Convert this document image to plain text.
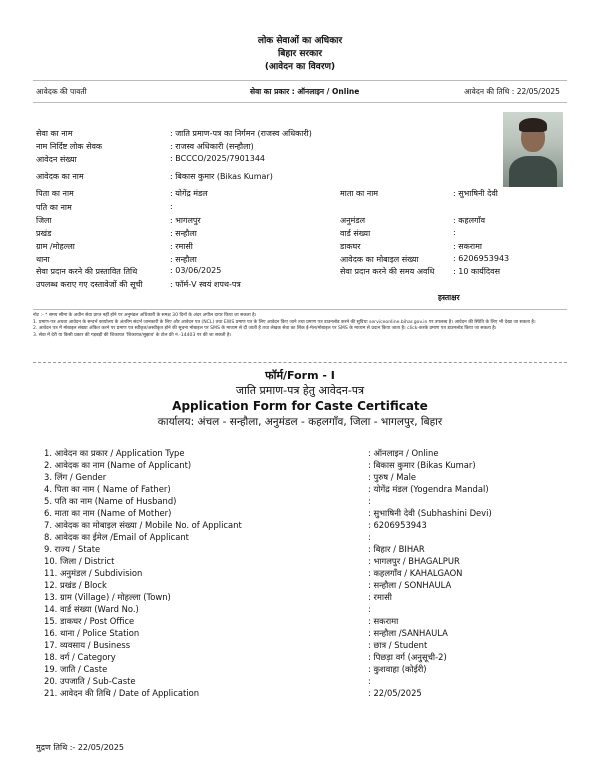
लोक सेवाओं का अधिकार
बिहार सरकार
(आवेदन का विवरण)
आवेदक की पावती	सेवा का प्रकार : ऑनलाइन / Online	आवेदन की तिथि : 22/05/2025
सेवा का नाम	: जाति प्रमाण-पत्र का निर्गमन (राजस्व अधिकारी)
नाम निर्दिष्ट लोक सेवक	: राजस्व अधिकारी (सन्हौला)
आवेदन संख्या	: BCCCO/2025/7901344
आवेदक का नाम	: बिकास कुमार (Bikas Kumar)
पिता का नाम	: योगेंद्र मंडल	माता का नाम	: सुभाषिनी देवी
पति का नाम	:
जिला	: भागलपुर	अनुमंडल	: कहलगाँव
प्रखंड	: सन्हौला	वार्ड संख्या	:
ग्राम /मोहल्ला	: रमासी	डाकघर	: सकरामा
थाना	: सन्हौला	आवेदक का मोबाइल संख्या	: 6206953943
सेवा प्रदान करने की प्रस्तावित तिथि	: 03/06/2025	सेवा प्रदान करने की समय अवधि : 10 कार्यदिवस
उपलब्ध कराए गए दस्तावेजों की सूची	: फॉर्म-V स्वयं शपथ-पत्र
हस्ताक्षर
नोट :- * समय सीमा के अधीन सेवा प्राप्त नहीं होने पर अनुमंडल अधिकारी के समक्ष 30 दिनों के अंदर अपील दायर किया जा सकता है।
1. प्रमाण-पत्र अथवा आवेदन के सन्दर्भ कार्यालय के अंतरिम संदर्भ जानकारी के लिए और आवेदन पत्र (NCL) तथा EWS प्रमाण पत्र के लिए आवेदन किए जाने तथा प्रमाण पत्र डाउनलोड करने की सुविधा serviceonline.bihar.gov.in पर उपलब्ध है। आवेदन की स्थिति के लिए भी देखा जा सकता है।
2. आवेदन पत्र में मोबाइल संख्या अंकित करने पर प्रमाण पत्र स्वीकृत/अस्वीकृत होने की सूचना मोबाइल पर SMS के माध्यम से दी जाती है तथा लेखक सेवा का लिंक ई-मेल/मोबाइल पर SMS के माध्यम से प्रदान किया जाता है। click-करके प्रमाण पत्र डाउनलोड किया जा सकता है।
3. सेवा में देरी या किसी प्रकार की गड़बड़ी की शिकायत 'शिकायत/सुझाव' के टोल फ्री नं.-14403 पर की जा सकती है।
फॉर्म/Form - I
जाति प्रमाण-पत्र हेतु आवेदन-पत्र
Application Form for Caste Certificate
कार्यालय: अंचल - सन्हौला, अनुमंडल - कहलगाँव, जिला - भागलपुर, बिहार
1. आवेदन का प्रकार / Application Type	: ऑनलाइन / Online
2. आवेदक का नाम (Name of Applicant)	: बिकास कुमार (Bikas Kumar)
3. लिंग / Gender	: पुरुष / Male
4. पिता का नाम ( Name of Father)	: योगेंद्र मंडल (Yogendra Mandal)
5. पति का नाम (Name of Husband)	:
6. माता का नाम (Name of Mother)	: सुभाषिनी देवी (Subhashini Devi)
7. आवेदक का मोबाइल संख्या / Mobile No. of Applicant	: 6206953943
8. आवेदक का ईमेल /Email of Applicant	:
9. राज्य / State	: बिहार / BIHAR
10. जिला / District	: भागलपुर / BHAGALPUR
11. अनुमंडल / Subdivision	: कहलगाँव / KAHALGAON
12. प्रखंड / Block	: सन्हौला / SONHAULA
13. ग्राम (Village) / मोहल्ला (Town)	: रमासी
14. वार्ड संख्या (Ward No.)	:
15. डाकघर / Post Office	: सकरामा
16. थाना / Police Station	: सन्हौला /SANHAULA
17. व्यवसाय / Business	: छात्र / Student
18. वर्ग / Category	: पिछड़ा वर्ग (अनुसूची-2)
19. जाति / Caste	: कुशवाहा (कोईरी)
20. उपजाति / Sub-Caste	:
21. आवेदन की तिथि / Date of Application	: 22/05/2025
मुद्रण तिथि :- 22/05/2025
